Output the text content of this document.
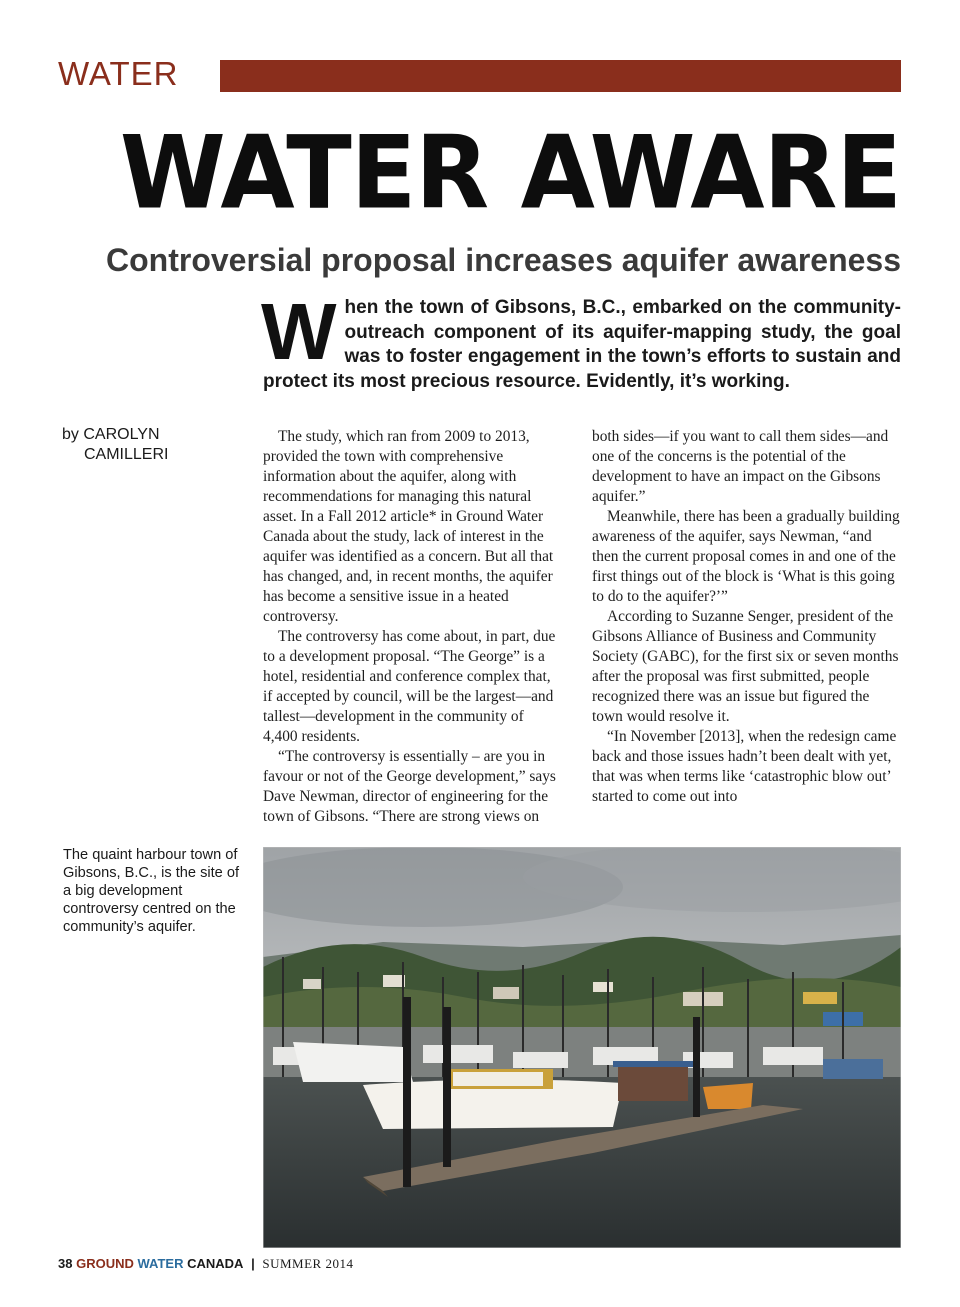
WATER
WATER AWARE
Controversial proposal increases aquifer awareness
When the town of Gibsons, B.C., embarked on the community-outreach component of its aquifer-mapping study, the goal was to foster engagement in the town’s efforts to sustain and protect its most precious resource. Evidently, it’s working.
by CAROLYN
CAMILLERI

The study, which ran from 2009 to 2013, provided the town with comprehensive information about the aquifer, along with recommendations for managing this natural asset. In a Fall 2012 article* in Ground Water Canada about the study, lack of interest in the aquifer was identified as a concern. But all that has changed, and, in recent months, the aquifer has become a sensitive issue in a heated controversy.

The controversy has come about, in part, due to a development proposal. “The George” is a hotel, residential and conference complex that, if accepted by council, will be the largest—and tallest—development in the community of 4,400 residents.

“The controversy is essentially – are you in favour or not of the George development,” says Dave Newman, director of engineering for the town of Gibsons. “There are strong views on

both sides—if you want to call them sides—and one of the concerns is the potential of the development to have an impact on the Gibsons aquifer.”

Meanwhile, there has been a gradually building awareness of the aquifer, says Newman, “and then the current proposal comes in and one of the first things out of the block is ‘What is this going to do to the aquifer?’”

According to Suzanne Senger, president of the Gibsons Alliance of Business and Community Society (GABC), for the first six or seven months after the proposal was first submitted, people recognized there was an issue but figured the town would resolve it.

“In November [2013], when the redesign came back and those issues hadn’t been dealt with yet, that was when terms like ‘catastrophic blow out’ started to come out into

The quaint harbour town of Gibsons, B.C., is the site of a big development controversy centred on the community’s aquifer.
38 GROUND WATER CANADA | SUMMER 2014
